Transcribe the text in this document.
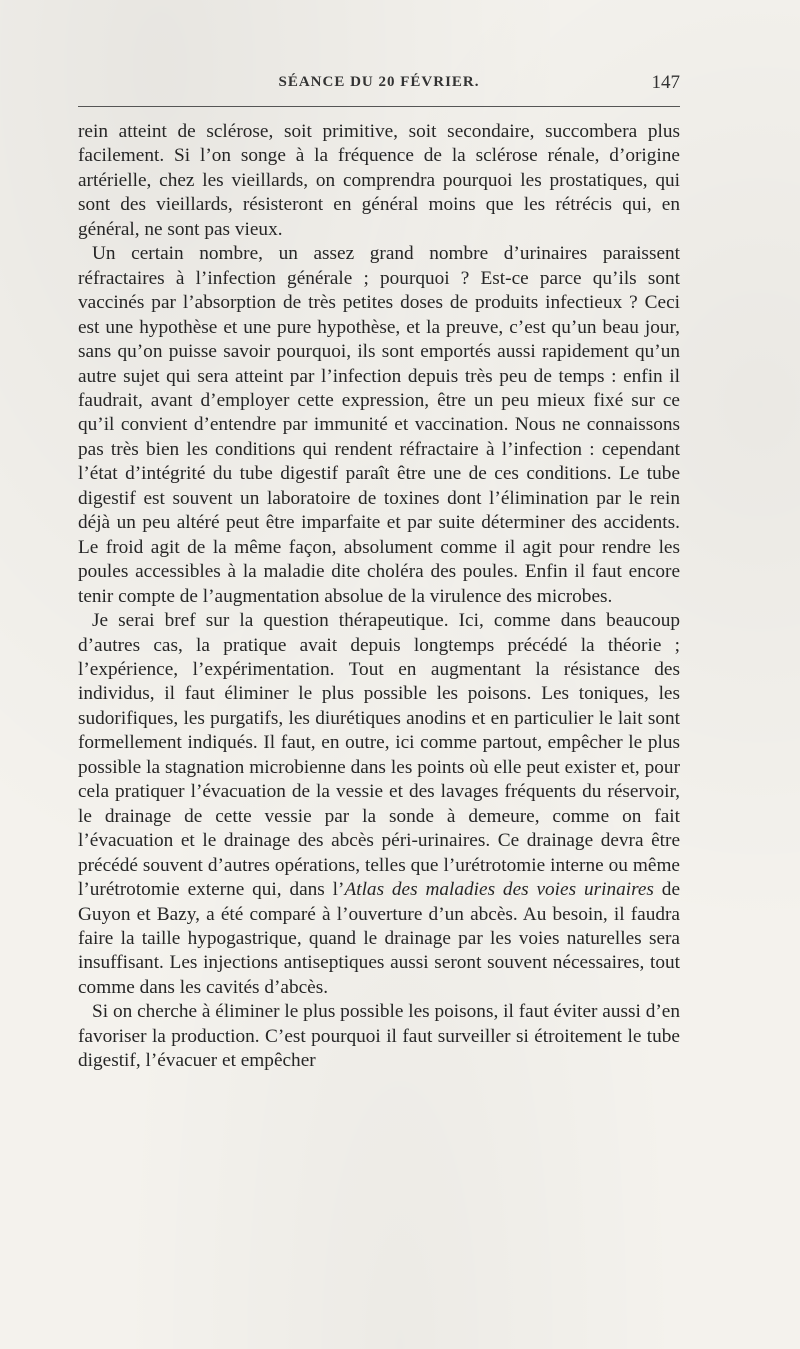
SÉANCE DU 20 FÉVRIER.	147

rein atteint de sclérose, soit primitive, soit secondaire, succombera plus facilement. Si l’on songe à la fréquence de la sclérose rénale, d’origine artérielle, chez les vieillards, on comprendra pourquoi les prostatiques, qui sont des vieillards, résisteront en général moins que les rétrécis qui, en général, ne sont pas vieux.

Un certain nombre, un assez grand nombre d’urinaires paraissent réfractaires à l’infection générale ; pourquoi ? Est-ce parce qu’ils sont vaccinés par l’absorption de très petites doses de produits infectieux ? Ceci est une hypothèse et une pure hypothèse, et la preuve, c’est qu’un beau jour, sans qu’on puisse savoir pourquoi, ils sont emportés aussi rapidement qu’un autre sujet qui sera atteint par l’infection depuis très peu de temps : enfin il faudrait, avant d’employer cette expression, être un peu mieux fixé sur ce qu’il convient d’entendre par immunité et vaccination. Nous ne connaissons pas très bien les conditions qui rendent réfractaire à l’infection : cependant l’état d’intégrité du tube digestif paraît être une de ces conditions. Le tube digestif est souvent un laboratoire de toxines dont l’élimination par le rein déjà un peu altéré peut être imparfaite et par suite déterminer des accidents. Le froid agit de la même façon, absolument comme il agit pour rendre les poules accessibles à la maladie dite choléra des poules. Enfin il faut encore tenir compte de l’augmentation absolue de la virulence des microbes.

Je serai bref sur la question thérapeutique. Ici, comme dans beaucoup d’autres cas, la pratique avait depuis longtemps précédé la théorie ; l’expérience, l’expérimentation. Tout en augmentant la résistance des individus, il faut éliminer le plus possible les poisons. Les toniques, les sudorifiques, les purgatifs, les diurétiques anodins et en particulier le lait sont formellement indiqués. Il faut, en outre, ici comme partout, empêcher le plus possible la stagnation microbienne dans les points où elle peut exister et, pour cela pratiquer l’évacuation de la vessie et des lavages fréquents du réservoir, le drainage de cette vessie par la sonde à demeure, comme on fait l’évacuation et le drainage des abcès péri-urinaires. Ce drainage devra être précédé souvent d’autres opérations, telles que l’urétrotomie interne ou même l’urétrotomie externe qui, dans l’Atlas des maladies des voies urinaires de Guyon et Bazy, a été comparé à l’ouverture d’un abcès. Au besoin, il faudra faire la taille hypogastrique, quand le drainage par les voies naturelles sera insuffisant. Les injections antiseptiques aussi seront souvent nécessaires, tout comme dans les cavités d’abcès.

Si on cherche à éliminer le plus possible les poisons, il faut éviter aussi d’en favoriser la production. C’est pourquoi il faut surveiller si étroitement le tube digestif, l’évacuer et empêcher
